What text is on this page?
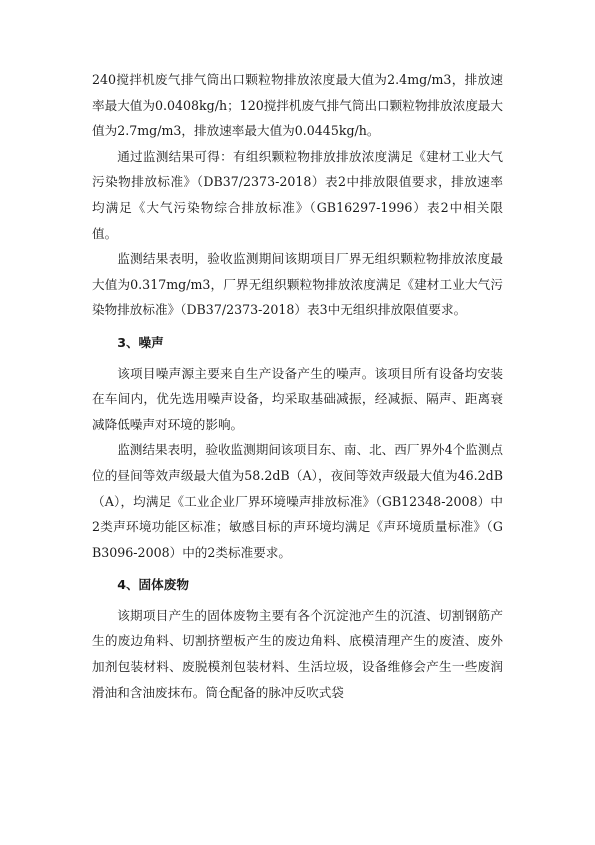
240搅拌机废气排气筒出口颗粒物排放浓度最大值为2.4mg/m3，排放速率最大值为0.0408kg/h；120搅拌机废气排气筒出口颗粒物排放浓度最大值为2.7mg/m3，排放速率最大值为0.0445kg/h。

通过监测结果可得：有组织颗粒物排放排放浓度满足《建材工业大气污染物排放标准》（DB37/2373-2018）表2中排放限值要求，排放速率均满足《大气污染物综合排放标准》（GB16297-1996）表2中相关限值。

监测结果表明，验收监测期间该期项目厂界无组织颗粒物排放浓度最大值为0.317mg/m3，厂界无组织颗粒物排放浓度满足《建材工业大气污染物排放标准》（DB37/2373-2018）表3中无组织排放限值要求。

3、噪声

该项目噪声源主要来自生产设备产生的噪声。该项目所有设备均安装在车间内，优先选用噪声设备，均采取基础减振，经减振、隔声、距离衰减降低噪声对环境的影响。

监测结果表明，验收监测期间该项目东、南、北、西厂界外4个监测点位的昼间等效声级最大值为58.2dB（A），夜间等效声级最大值为46.2dB（A），均满足《工业企业厂界环境噪声排放标准》（GB12348-2008）中2类声环境功能区标准；敏感目标的声环境均满足《声环境质量标准》（GB3096-2008）中的2类标准要求。

4、固体废物

该期项目产生的固体废物主要有各个沉淀池产生的沉渣、切割钢筋产生的废边角料、切割挤塑板产生的废边角料、底模清理产生的废渣、废外加剂包装材料、废脱模剂包装材料、生活垃圾，设备维修会产生一些废润滑油和含油废抹布。筒仓配备的脉冲反吹式袋
